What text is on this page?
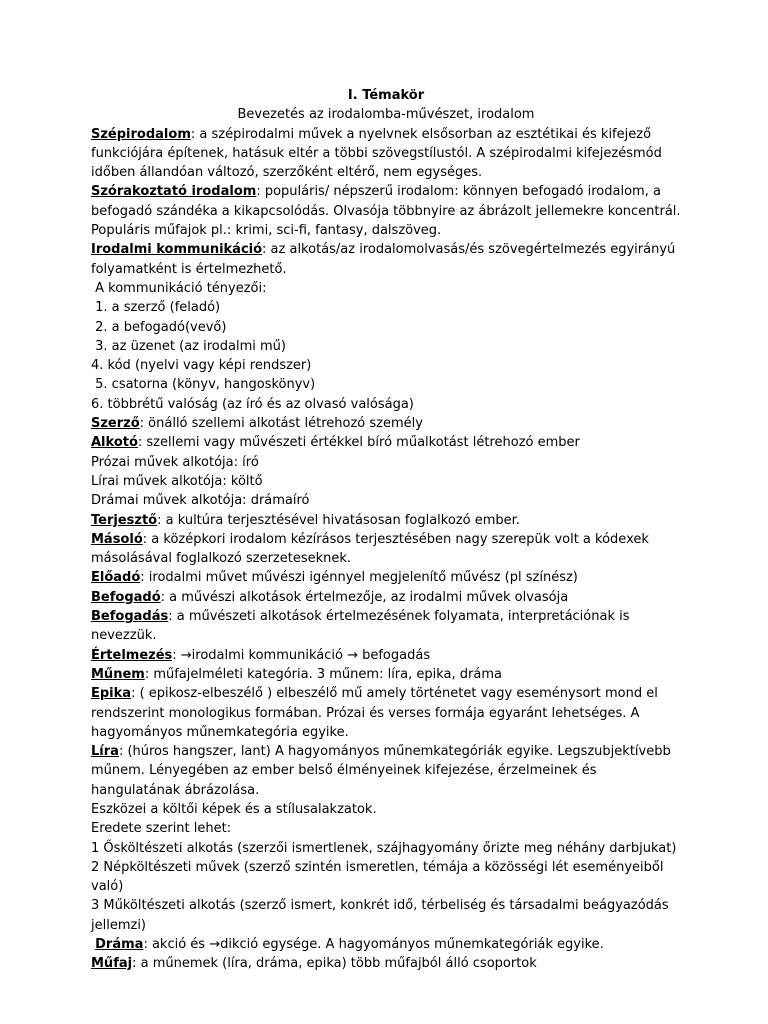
I. Témakör

Bevezetés az irodalomba-művészet, irodalom

Szépirodalom: a szépirodalmi művek a nyelvnek elsősorban az esztétikai és kifejező funkciójára építenek, hatásuk eltér a többi szövegstílustól. A szépirodalmi kifejezésmód időben állandóan változó, szerzőként eltérő, nem egységes.

Szórakoztató irodalom: populáris/ népszerű irodalom: könnyen befogadó irodalom, a befogadó szándéka a kikapcsolódás. Olvasója többnyire az ábrázolt jellemekre koncentrál. Populáris műfajok pl.: krimi, sci-fi, fantasy, dalszöveg.

Irodalmi kommunikáció: az alkotás/az irodalomolvasás/és szövegértelmezés egyirányú folyamatként is értelmezhető.

A kommunikáció tényezői:

1. a szerző (feladó)

2. a befogadó(vevő)

3. az üzenet (az irodalmi mű)

4. kód (nyelvi vagy képi rendszer)

5. csatorna (könyv, hangoskönyv)

6. többrétű valóság (az író és az olvasó valósága)

Szerző: önálló szellemi alkotást létrehozó személy

Alkotó: szellemi vagy művészeti értékkel bíró műalkotást létrehozó ember

Prózai művek alkotója: író

Lírai művek alkotója: költő

Drámai művek alkotója: drámaíró

Terjesztő: a kultúra terjesztésével hivatásosan foglalkozó ember.

Másoló: a középkori irodalom kézírásos terjesztésében nagy szerepük volt a kódexek másolásával foglalkozó szerzeteseknek.

Előadó: irodalmi művet művészi igénnyel megjelenítő művész (pl színész)

Befogadó: a művészi alkotások értelmezője, az irodalmi művek olvasója

Befogadás: a művészeti alkotások értelmezésének folyamata, interpretációnak is nevezzük.

Értelmezés: →irodalmi kommunikáció → befogadás

Műnem: műfajelméleti kategória. 3 műnem: líra, epika, dráma

Epika: ( epikosz-elbeszélő ) elbeszélő mű amely történetet vagy eseménysort mond el rendszerint monologikus formában. Prózai és verses formája egyaránt lehetséges. A hagyományos műnemkategória egyike.

Líra: (húros hangszer, lant) A hagyományos műnemkategóriák egyike. Legszubjektívebb műnem. Lényegében az ember belső élményeinek kifejezése, érzelmeinek és hangulatának ábrázolása.

Eszközei a költői képek és a stílusalakzatok.

Eredete szerint lehet:

1 Ősköltészeti alkotás (szerzői ismertlenek, szájhagyomány őrizte meg néhány darbjukat)

2 Népköltészeti művek (szerző szintén ismeretlen, témája a közösségi lét eseményeiből való)

3 Műköltészeti alkotás (szerző ismert, konkrét idő, térbeliség és társadalmi beágyazódás jellemzi)

Dráma: akció és →dikció egysége. A hagyományos műnemkategóriák egyike.

Műfaj: a műnemek (líra, dráma, epika) több műfajból álló csoportok
